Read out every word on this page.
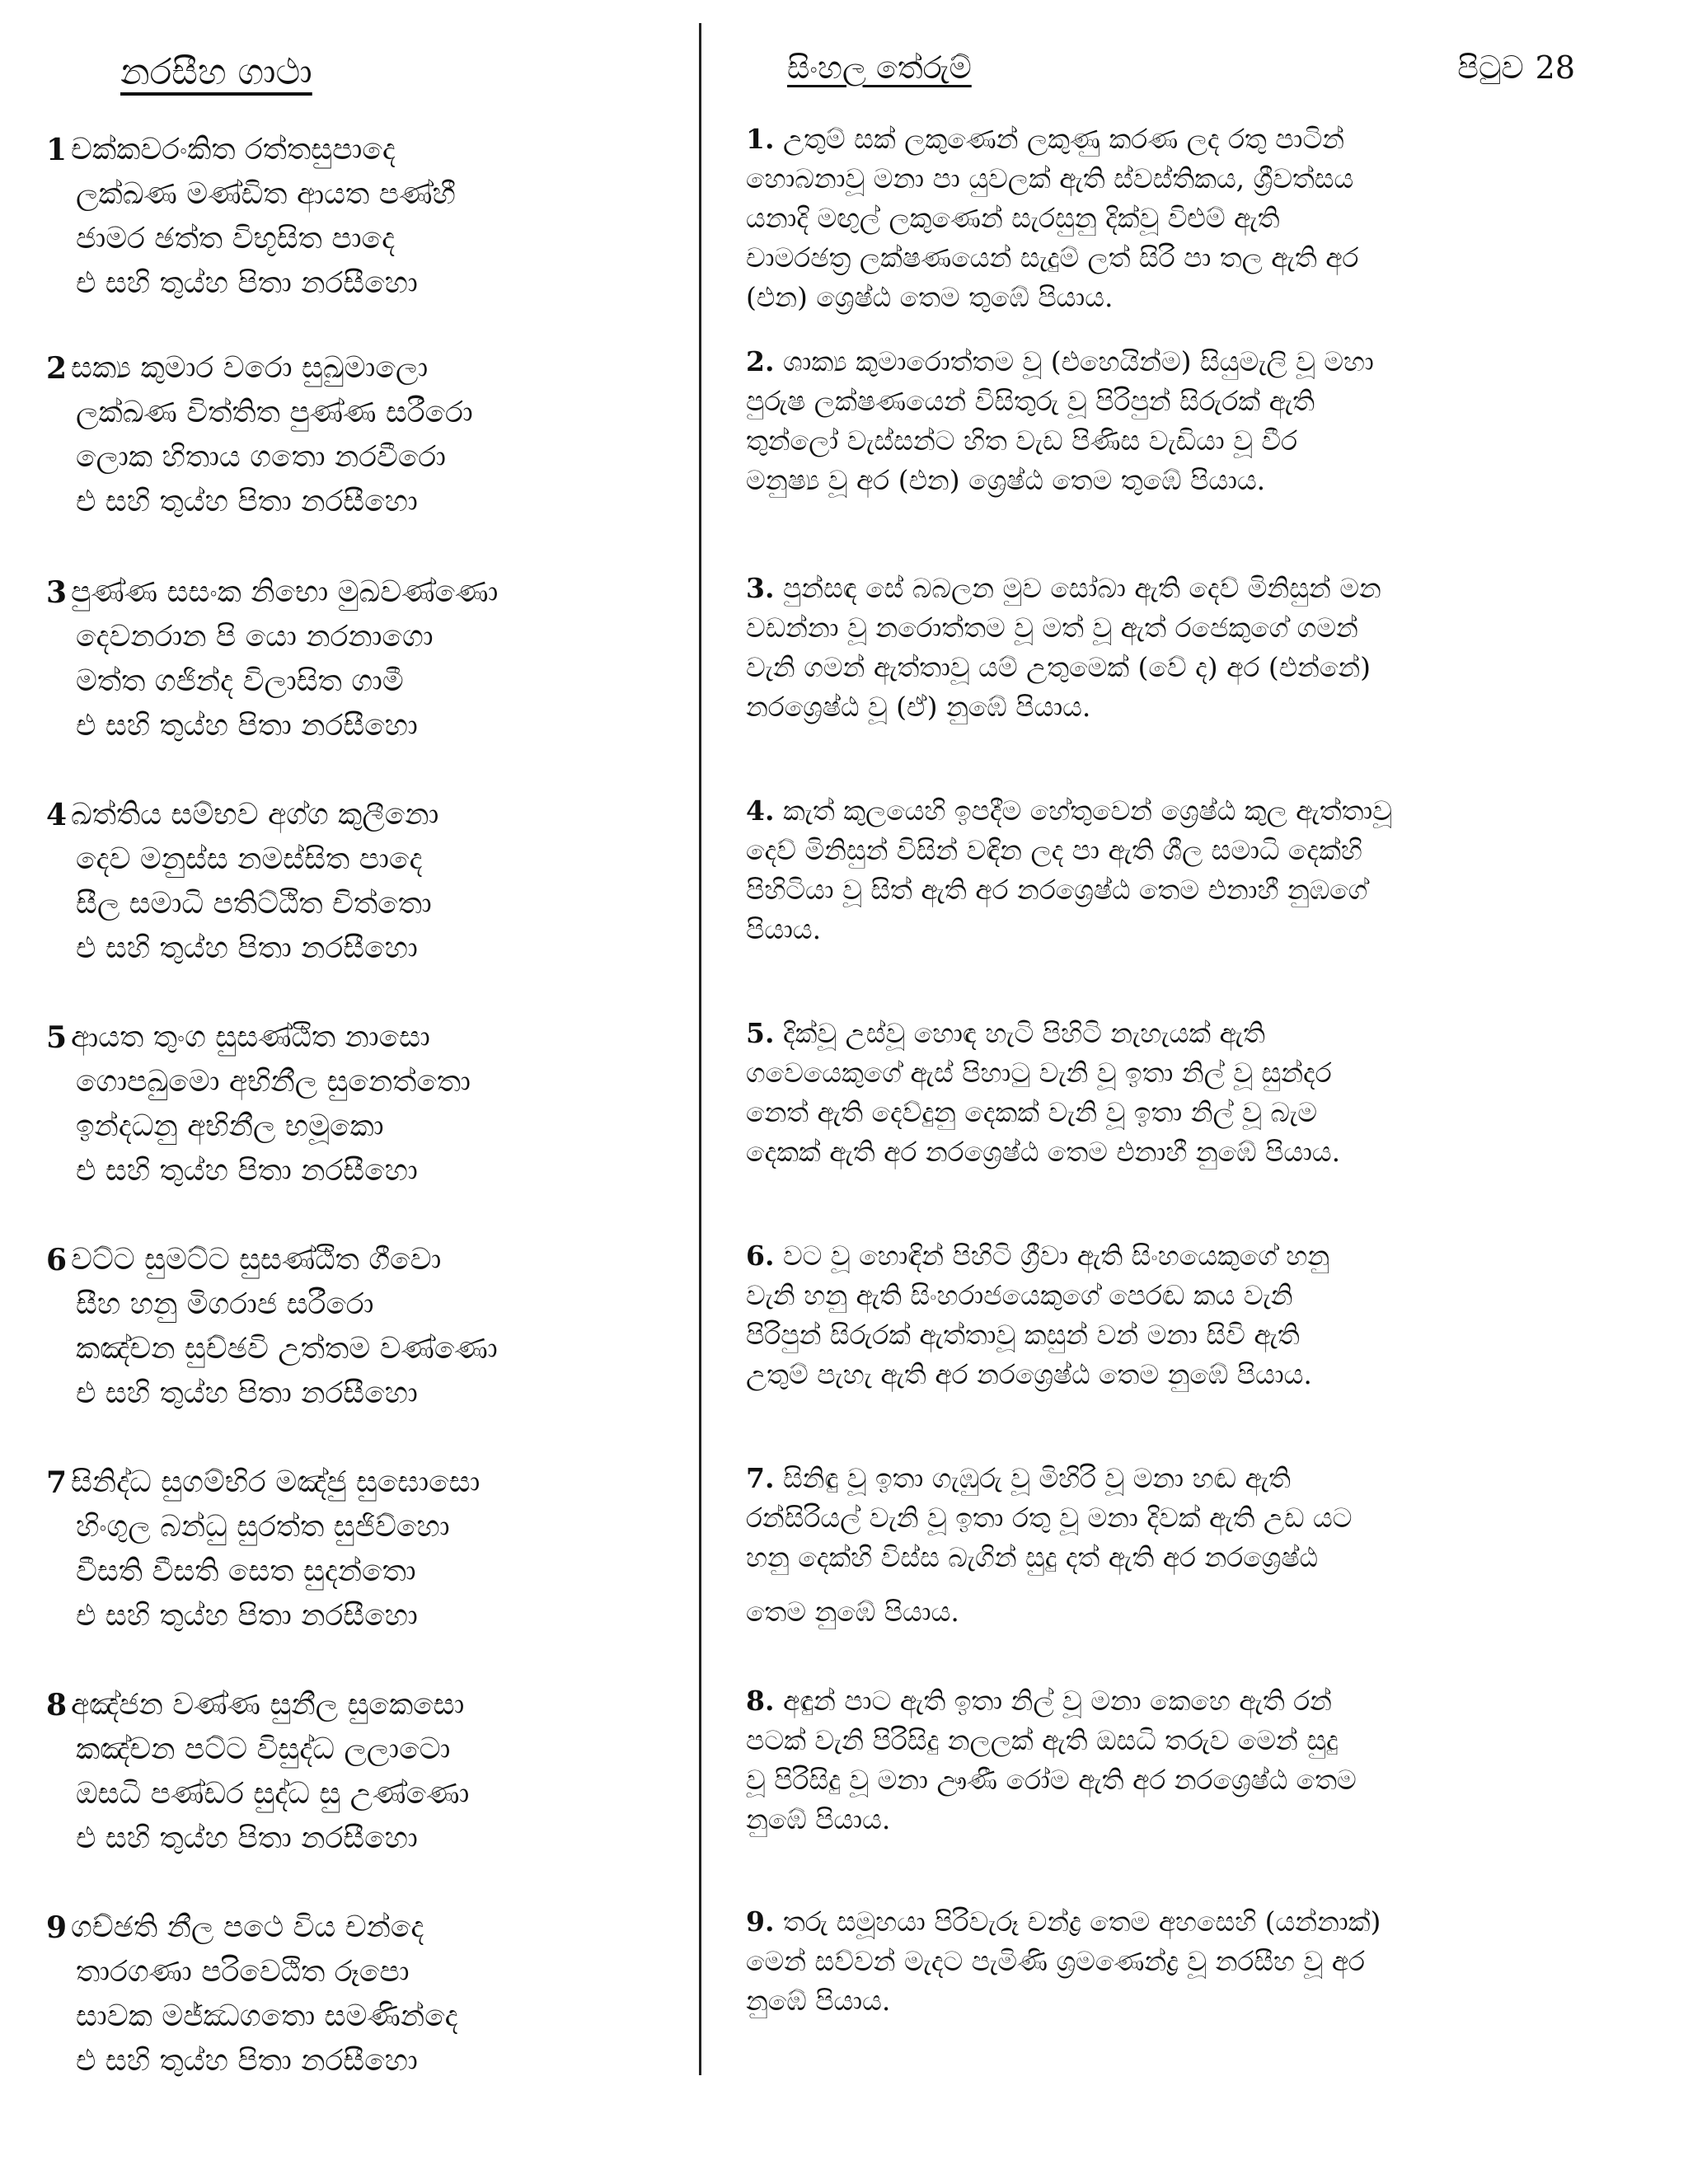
නරසීහ ගාථා
1 චක්කවරංකිත රත්තසුපාදෙ
ලක්ඛණ මණ්ඩිත ආයත පණ්හී
ජාමර ඡත්ත විභූසිත පාදෙ
එ සහි තුය්හ පිතා නරසීහො
2 සක්‍ය කුමාර වරො සුඛුමාලො
ලක්ඛණ විත්තිත පුණ්ණ සරීරො
ලොක හිතාය ගතො නරවීරො
එ සහි තුය්හ පිතා නරසීහො
3 පුණ්ණ සසංක නිභො මුඛවණ්ණො
දෙවනරාන පි යො නරනාගො
මත්ත ගජින්ද විලාසිත ගාමී
එ සහි තුය්හ පිතා නරසීහො
4 ඛත්තිය සම්භව අග්ග කුලීනො
දෙව මනුස්ස නමස්සිත පාදෙ
සීල සමාධි පතිට්ඨිත චිත්තො
එ සහි තුය්හ පිතා නරසීහො
5 ආයත තුංග සුසණ්ඨිත නාසො
ගොපඛුමො අභිනීල සුනෙත්තො
ඉන්දධනු අභිනීල භමූකො
එ සහි තුය්හ පිතා නරසීහො
6 වට්ට සුමට්ට සුසණ්ඨිත ගීවො
සීහ හනු මිගරාජ සරීරො
කඤ්චන සුච්ඡවි උත්තම වණ්ණො
එ සහි තුය්හ පිතා නරසීහො
7 සිනිද්ධ සුගම්භිර මඤ්ජු සුඝොසො
හිංගුල බන්ධු සුරත්ත සුජිව්හො
වීසති වීසති සෙත සුදන්තො
එ සහි තුය්හ පිතා නරසීහො
8 අඤ්ජන වණ්ණ සුනීල සුකෙසො
කඤ්චන පට්ට විසුද්ධ ලලාටො
ඔසධි පණ්ඩර සුද්ධ සු උණ්ණො
එ සහි තුය්හ පිතා නරසීහො
9 ගච්ඡති නීල පථෙ විය චන්දෙ
තාරගණා පරිවෙඨිත රූපො
සාවක මජ්ඣගතො සමණින්දෙ
එ සහි තුය්හ පිතා නරසීහො
සිංහල තේරුම්	පිටුව 28
1. උතුම් සක් ලකුණෙන් ලකුණු කරණ ලද රතු පාටින්
හොබනාවූ මනා පා යුවලක් ඇති ස්වස්තිකය, ශ්‍රීවත්සය
යනාදි මඟුල් ලකුණෙන් සැරසුනු දික්වූ විළුම් ඇති
චාමරඡත්‍ර ලක්ෂණයෙන් සැදුම් ලත් සිරි පා තල ඇති අර
(එන) ශ්‍රෙෂ්ඨ තෙම තුඹේ පියාය.
2. ශාක්‍ය කුමාරොත්තම වූ (එහෙයින්ම) සියුමැලි වූ මහා
පුරුෂ ලක්ෂණයෙන් විසිතුරු වූ පිරිපුන් සිරුරක් ඇති
තුන්ලෝ වැස්සන්ට හිත වැඩ පිණිස වැඩියා වූ වීර
මනුෂ්‍ය වූ අර (එන) ශ්‍රෙෂ්ඨ තෙම තුඹේ පියාය.
3. පුන්සඳ සේ බබලන මුව සෝබා ඇති දෙව් මිනිසුන් මන
වඩන්නා වූ නරොත්තම වූ මත් වූ ඇත් රජෙකුගේ ගමන්
වැනි ගමන් ඇත්තාවූ යම් උතුමෙක් (වේ ද) අර (එන්නේ)
නරශ්‍රෙෂ්ඨ වූ (ඒ) නුඹේ පියාය.
4. කැත් කුලයෙහි ඉපදීම හේතුවෙන් ශ්‍රෙෂ්ඨ කුල ඇත්තාවූ
දෙව් මිනිසුන් විසින් වඳින ලද පා ඇති ශීල සමාධි දෙක්හි
පිහිටියා වූ සිත් ඇති අර නරශ්‍රෙෂ්ඨ තෙම එනාහී නුඹගේ
පියාය.
5. දික්වූ උස්වූ හොඳ හැටි පිහිටි නැහැයක් ඇති
ගවෙයෙකුගේ ඇස් පිහාටු වැනි වූ ඉතා නිල් වූ සුන්දර
නෙත් ඇති දෙව්දුනු දෙකක් වැනි වූ ඉතා නිල් වූ බැම
දෙකක් ඇති අර නරශ්‍රෙෂ්ඨ තෙම එනාහී නුඹේ පියාය.
6. වට වූ හොඳින් පිහිටි ග්‍රීවා ඇති සිංහයෙකුගේ හනු
වැනි හනු ඇති සිංහරාජයෙකුගේ පෙරඬ කය වැනි
පිරිපුන් සිරුරක් ඇත්තාවූ කසුන් වන් මනා සිවි ඇති
උතුම් පැහැ ඇති අර නරශ්‍රෙෂ්ඨ තෙම නුඹේ පියාය.
7. සිනිඳු වූ ඉතා ගැඹුරු වූ මිහිරි වූ මනා හඬ ඇති
රන්සිරියල් වැනි වූ ඉතා රතු වූ මනා දිවක් ඇති උඩ යට
හනු දෙක්හි විස්ස බැගින් සුදු දත් ඇති අර නරශ්‍රෙෂ්ඨ
තෙම නුඹේ පියාය.
8. අඳුන් පාට ඇති ඉතා නිල් වූ මනා කෙහෙ ඇති රන්
පටක් වැනි පිරිසිදු නලලක් ඇති ඔසධි තරුව මෙන් සුදු
වූ පිරිසිදු වූ මනා ඌණී රෝම ඇති අර නරශ්‍රෙෂ්ඨ තෙම
නුඹේ පියාය.
9. තරු සමූහයා පිරිවැරූ චන්ද්‍ර තෙම අහසෙහි (යන්නාක්)
මෙන් සව්වන් මැදට පැමිණි ශ්‍රමණෙන්ද්‍ර වූ නරසීහ වූ අර
නුඹේ පියාය.
